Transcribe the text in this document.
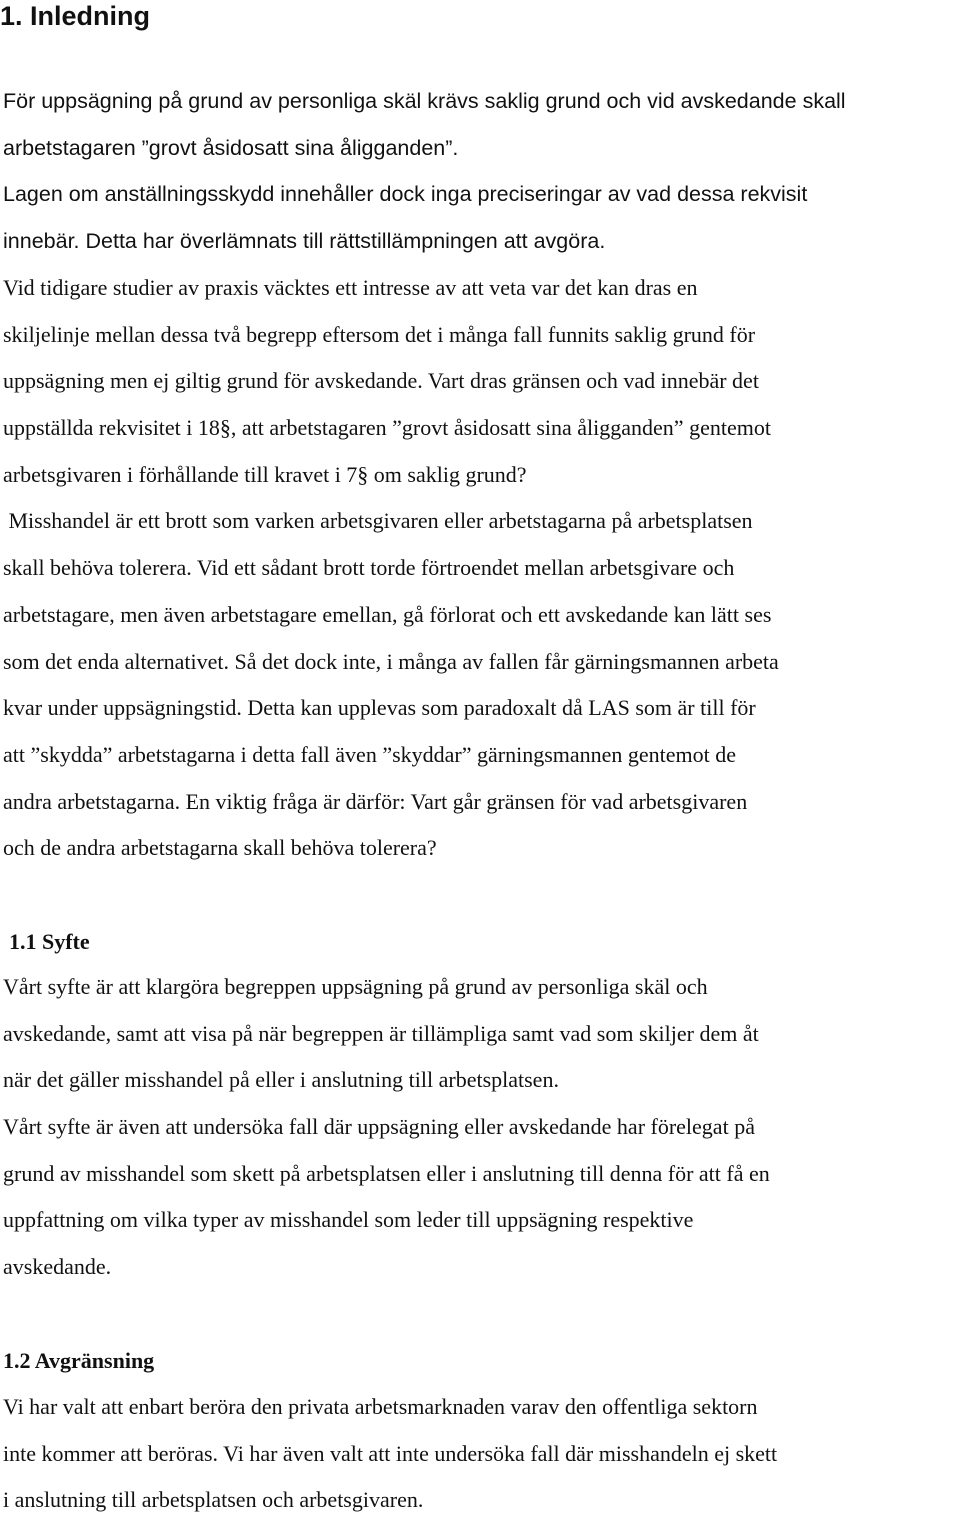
1. Inledning
För uppsägning på grund av personliga skäl krävs saklig grund och vid avskedande skall
arbetstagaren ”grovt åsidosatt sina åligganden”.
Lagen om anställningsskydd innehåller dock inga preciseringar av vad dessa rekvisit
innebär. Detta har överlämnats till rättstillämpningen att avgöra.
Vid tidigare studier av praxis väcktes ett intresse av att veta var det kan dras en
skiljelinje mellan dessa två begrepp eftersom det i många fall funnits saklig grund för
uppsägning men ej giltig grund för avskedande. Vart dras gränsen och vad innebär det
uppställda rekvisitet i 18§, att arbetstagaren ”grovt åsidosatt sina åligganden” gentemot
arbetsgivaren i förhållande till kravet i 7§ om saklig grund?
Misshandel är ett brott som varken arbetsgivaren eller arbetstagarna på arbetsplatsen
skall behöva tolerera. Vid ett sådant brott torde förtroendet mellan arbetsgivare och
arbetstagare, men även arbetstagare emellan, gå förlorat och ett avskedande kan lätt ses
som det enda alternativet. Så det dock inte, i många av fallen får gärningsmannen arbeta
kvar under uppsägningstid. Detta kan upplevas som paradoxalt då LAS som är till för
att ”skydda” arbetstagarna i detta fall även ”skyddar” gärningsmannen gentemot de
andra arbetstagarna. En viktig fråga är därför: Vart går gränsen för vad arbetsgivaren
och de andra arbetstagarna skall behöva tolerera?
1.1 Syfte
Vårt syfte är att klargöra begreppen uppsägning på grund av personliga skäl och
avskedande, samt att visa på när begreppen är tillämpliga samt vad som skiljer dem åt
när det gäller misshandel på eller i anslutning till arbetsplatsen.
Vårt syfte är även att undersöka fall där uppsägning eller avskedande har förelegat på
grund av misshandel som skett på arbetsplatsen eller i anslutning till denna för att få en
uppfattning om vilka typer av misshandel som leder till uppsägning respektive
avskedande.
1.2 Avgränsning
Vi har valt att enbart beröra den privata arbetsmarknaden varav den offentliga sektorn
inte kommer att beröras. Vi har även valt att inte undersöka fall där misshandeln ej skett
i anslutning till arbetsplatsen och arbetsgivaren.
